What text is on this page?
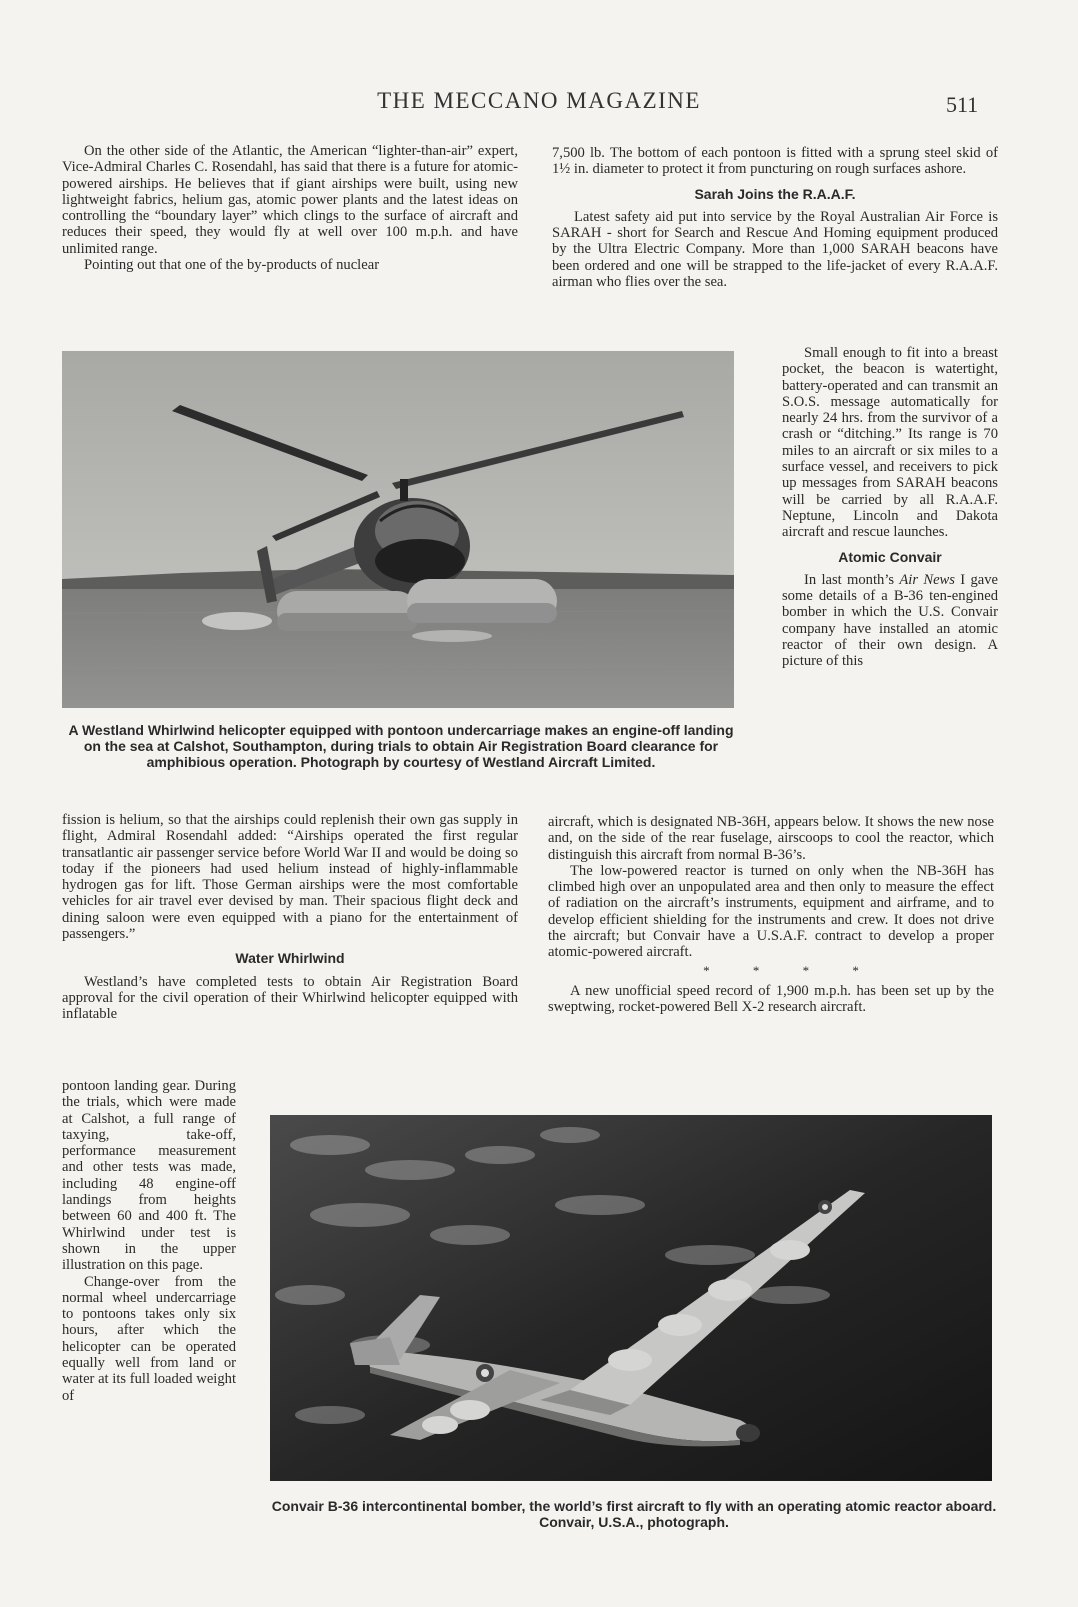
THE MECCANO MAGAZINE	511

On the other side of the Atlantic, the American “lighter-than-air” expert, Vice-Admiral Charles C. Rosendahl, has said that there is a future for atomic-powered airships. He believes that if giant airships were built, using new lightweight fabrics, helium gas, atomic power plants and the latest ideas on controlling the “boundary layer” which clings to the surface of aircraft and reduces their speed, they would fly at well over 100 m.p.h. and have unlimited range.

Pointing out that one of the by-products of nuclear

7,500 lb. The bottom of each pontoon is fitted with a sprung steel skid of 1½ in. diameter to protect it from puncturing on rough surfaces ashore.

Sarah Joins the R.A.A.F.

Latest safety aid put into service by the Royal Australian Air Force is SARAH - short for Search and Rescue And Homing equipment produced by the Ultra Electric Company. More than 1,000 SARAH beacons have been ordered and one will be strapped to the life-jacket of every R.A.A.F. airman who flies over the sea.

Small enough to fit into a breast pocket, the beacon is watertight, battery-operated and can transmit an S.O.S. message automatically for nearly 24 hrs. from the survivor of a crash or “ditching.” Its range is 70 miles to an aircraft or six miles to a surface vessel, and receivers to pick up messages from SARAH beacons will be carried by all R.A.A.F. Neptune, Lincoln and Dakota aircraft and rescue launches.

Atomic Convair

In last month’s Air News I gave some details of a B-36 ten-engined bomber in which the U.S. Convair company have installed an atomic reactor of their own design. A picture of this

A Westland Whirlwind helicopter equipped with pontoon undercarriage makes an engine-off landing on the sea at Calshot, Southampton, during trials to obtain Air Registration Board clearance for amphibious operation. Photograph by courtesy of Westland Aircraft Limited.

fission is helium, so that the airships could replenish their own gas supply in flight, Admiral Rosendahl added: “Airships operated the first regular transatlantic air passenger service before World War II and would be doing so today if the pioneers had used helium instead of highly-inflammable hydrogen gas for lift. Those German airships were the most comfortable vehicles for air travel ever devised by man. Their spacious flight deck and dining saloon were even equipped with a piano for the entertainment of passengers.”

Water Whirlwind

Westland’s have completed tests to obtain Air Registration Board approval for the civil operation of their Whirlwind helicopter equipped with inflatable

pontoon landing gear. During the trials, which were made at Calshot, a full range of taxying, take-off, performance measurement and other tests was made, including 48 engine-off landings from heights between 60 and 400 ft. The Whirlwind under test is shown in the upper illustration on this page.

Change-over from the normal wheel undercarriage to pontoons takes only six hours, after which the helicopter can be operated equally well from land or water at its full loaded weight of

aircraft, which is designated NB-36H, appears below. It shows the new nose and, on the side of the rear fuselage, airscoops to cool the reactor, which distinguish this aircraft from normal B-36’s.

The low-powered reactor is turned on only when the NB-36H has climbed high over an unpopulated area and then only to measure the effect of radiation on the aircraft’s instruments, equipment and airframe, and to develop efficient shielding for the instruments and crew. It does not drive the aircraft; but Convair have a U.S.A.F. contract to develop a proper atomic-powered aircraft.

* * * *

A new unofficial speed record of 1,900 m.p.h. has been set up by the sweptwing, rocket-powered Bell X-2 research aircraft.

Convair B-36 intercontinental bomber, the world’s first aircraft to fly with an operating atomic reactor aboard. Convair, U.S.A., photograph.
